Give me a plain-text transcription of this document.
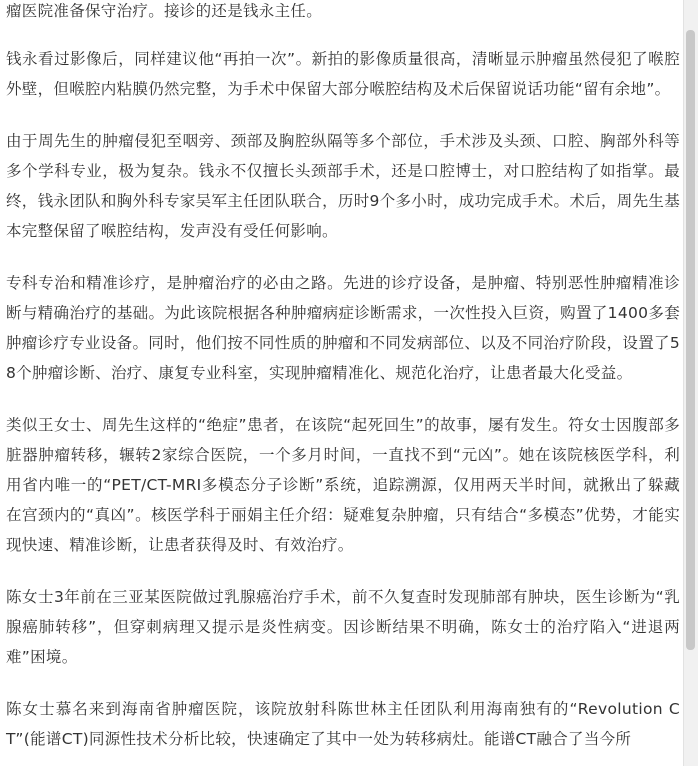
瘤医院准备保守治疗。接诊的还是钱永主任。

钱永看过影像后，同样建议他“再拍一次”。新拍的影像质量很高，清晰显示肿瘤虽然侵犯了喉腔外壁，但喉腔内粘膜仍然完整，为手术中保留大部分喉腔结构及术后保留说话功能“留有余地”。

由于周先生的肿瘤侵犯至咽旁、颈部及胸腔纵隔等多个部位，手术涉及头颈、口腔、胸部外科等多个学科专业，极为复杂。钱永不仅擅长头颈部手术，还是口腔博士，对口腔结构了如指掌。最终，钱永团队和胸外科专家吴军主任团队联合，历时9个多小时，成功完成手术。术后，周先生基本完整保留了喉腔结构，发声没有受任何影响。

专科专治和精准诊疗，是肿瘤治疗的必由之路。先进的诊疗设备，是肿瘤、特别恶性肿瘤精准诊断与精确治疗的基础。为此该院根据各种肿瘤病症诊断需求，一次性投入巨资，购置了1400多套肿瘤诊疗专业设备。同时，他们按不同性质的肿瘤和不同发病部位、以及不同治疗阶段，设置了58个肿瘤诊断、治疗、康复专业科室，实现肿瘤精准化、规范化治疗，让患者最大化受益。

类似王女士、周先生这样的“绝症”患者，在该院“起死回生”的故事，屡有发生。符女士因腹部多脏器肿瘤转移，辗转2家综合医院，一个多月时间，一直找不到“元凶”。她在该院核医学科，利用省内唯一的“PET/CT-MRI多模态分子诊断”系统，追踪溯源，仅用两天半时间，就揪出了躲藏在宫颈内的“真凶”。核医学科于丽娟主任介绍：疑难复杂肿瘤，只有结合“多模态”优势，才能实现快速、精准诊断，让患者获得及时、有效治疗。

陈女士3年前在三亚某医院做过乳腺癌治疗手术，前不久复查时发现肺部有肿块，医生诊断为“乳腺癌肺转移”，但穿刺病理又提示是炎性病变。因诊断结果不明确，陈女士的治疗陷入“进退两难”困境。

陈女士慕名来到海南省肿瘤医院，该院放射科陈世林主任团队利用海南独有的“Revolution CT”(能谱CT)同源性技术分析比较，快速确定了其中一处为转移病灶。能谱CT融合了当今所
